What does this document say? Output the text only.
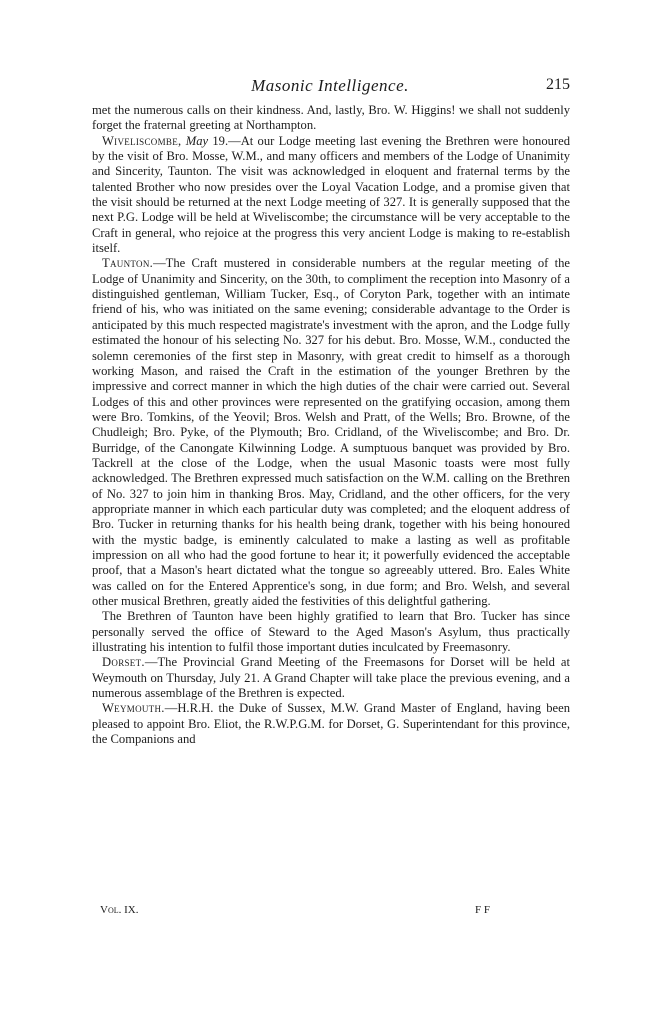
Masonic Intelligence.	215

met the numerous calls on their kindness. And, lastly, Bro. W. Higgins! we shall not suddenly forget the fraternal greeting at Northampton.

Wiveliscombe, May 19.—At our Lodge meeting last evening the Brethren were honoured by the visit of Bro. Mosse, W.M., and many officers and members of the Lodge of Unanimity and Sincerity, Taunton. The visit was acknowledged in eloquent and fraternal terms by the talented Brother who now presides over the Loyal Vacation Lodge, and a promise given that the visit should be returned at the next Lodge meeting of 327. It is generally supposed that the next P.G. Lodge will be held at Wiveliscombe; the circumstance will be very acceptable to the Craft in general, who rejoice at the progress this very ancient Lodge is making to re-establish itself.

Taunton.—The Craft mustered in considerable numbers at the regular meeting of the Lodge of Unanimity and Sincerity, on the 30th, to compliment the reception into Masonry of a distinguished gentleman, William Tucker, Esq., of Coryton Park, together with an intimate friend of his, who was initiated on the same evening; considerable advantage to the Order is anticipated by this much respected magistrate's investment with the apron, and the Lodge fully estimated the honour of his selecting No. 327 for his debut. Bro. Mosse, W.M., conducted the solemn ceremonies of the first step in Masonry, with great credit to himself as a thorough working Mason, and raised the Craft in the estimation of the younger Brethren by the impressive and correct manner in which the high duties of the chair were carried out. Several Lodges of this and other provinces were represented on the gratifying occasion, among them were Bro. Tomkins, of the Yeovil; Bros. Welsh and Pratt, of the Wells; Bro. Browne, of the Chudleigh; Bro. Pyke, of the Plymouth; Bro. Cridland, of the Wiveliscombe; and Bro. Dr. Burridge, of the Canongate Kilwinning Lodge. A sumptuous banquet was provided by Bro. Tackrell at the close of the Lodge, when the usual Masonic toasts were most fully acknowledged. The Brethren expressed much satisfaction on the W.M. calling on the Brethren of No. 327 to join him in thanking Bros. May, Cridland, and the other officers, for the very appropriate manner in which each particular duty was completed; and the eloquent address of Bro. Tucker in returning thanks for his health being drank, together with his being honoured with the mystic badge, is eminently calculated to make a lasting as well as profitable impression on all who had the good fortune to hear it; it powerfully evidenced the acceptable proof, that a Mason's heart dictated what the tongue so agreeably uttered. Bro. Eales White was called on for the Entered Apprentice's song, in due form; and Bro. Welsh, and several other musical Brethren, greatly aided the festivities of this delightful gathering.

The Brethren of Taunton have been highly gratified to learn that Bro. Tucker has since personally served the office of Steward to the Aged Mason's Asylum, thus practically illustrating his intention to fulfil those important duties inculcated by Freemasonry.

Dorset.—The Provincial Grand Meeting of the Freemasons for Dorset will be held at Weymouth on Thursday, July 21. A Grand Chapter will take place the previous evening, and a numerous assemblage of the Brethren is expected.

Weymouth.—H.R.H. the Duke of Sussex, M.W. Grand Master of England, having been pleased to appoint Bro. Eliot, the R.W.P.G.M. for Dorset, G. Superintendant for this province, the Companions and

Vol. IX.	F F
